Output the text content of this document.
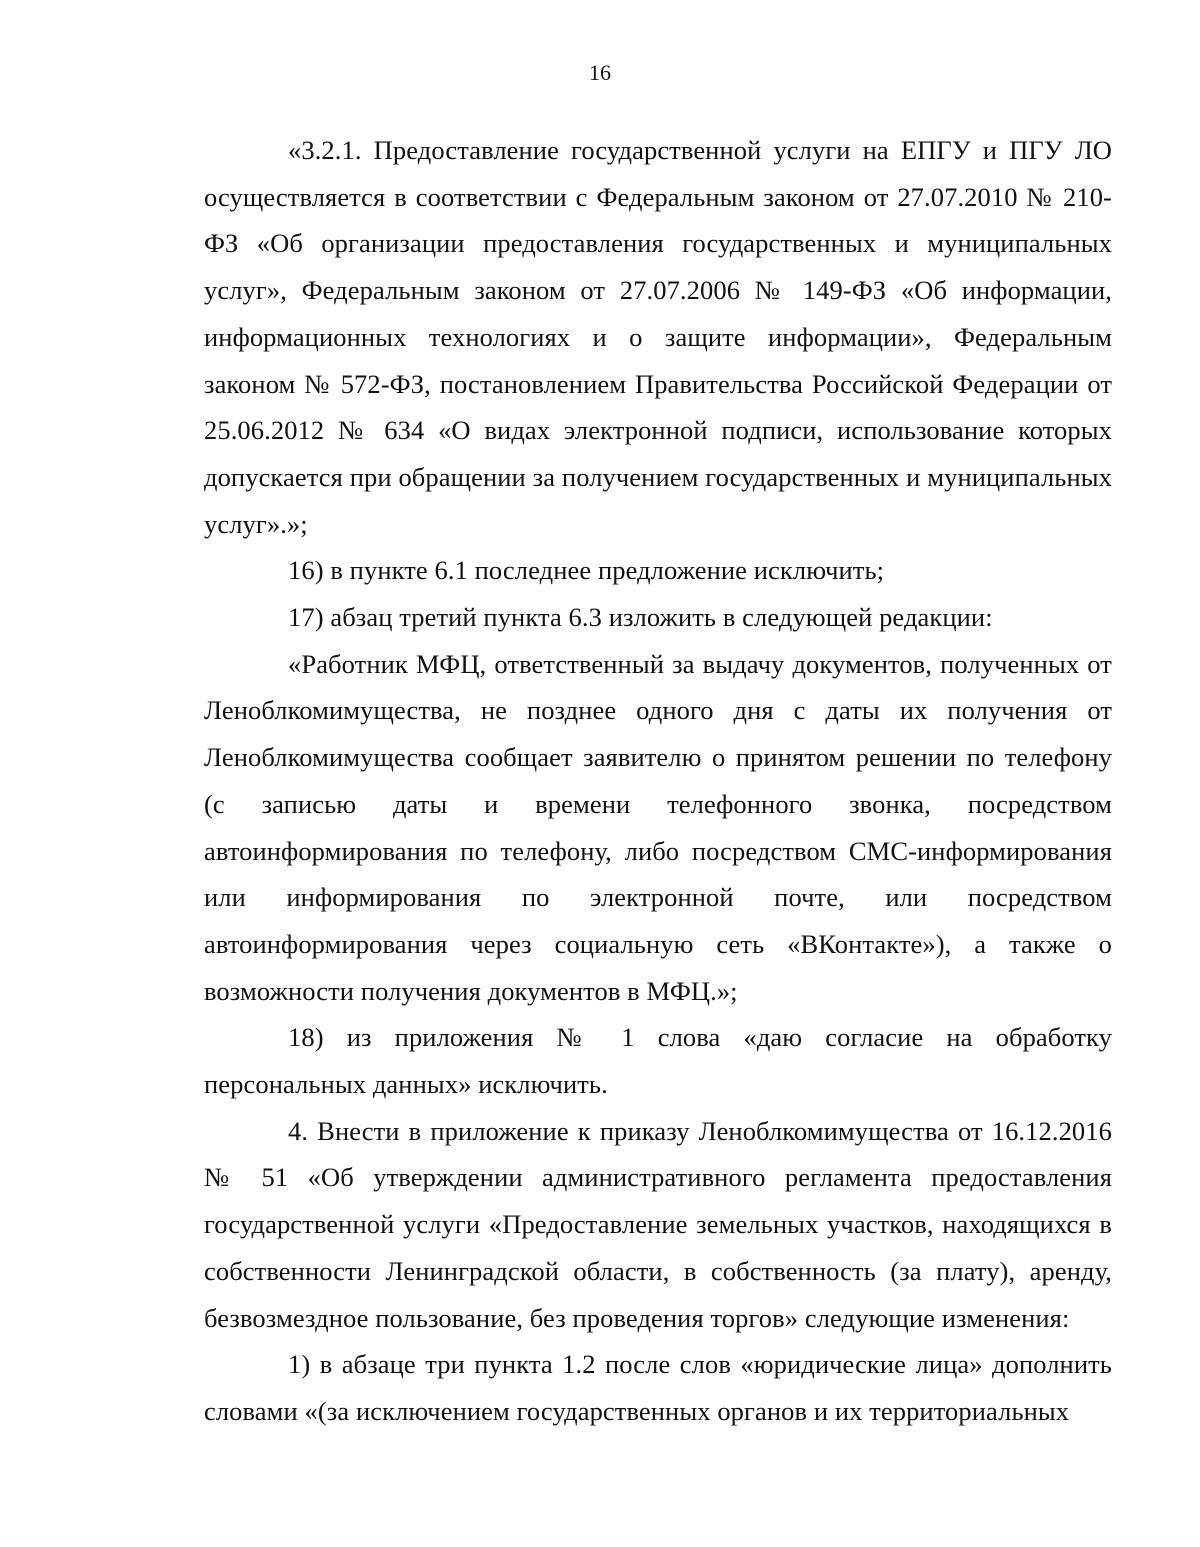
16

«3.2.1. Предоставление государственной услуги на ЕПГУ и ПГУ ЛО осуществляется в соответствии с Федеральным законом от 27.07.2010 № 210-ФЗ «Об организации предоставления государственных и муниципальных услуг», Федеральным законом от 27.07.2006 № 149-ФЗ «Об информации, информационных технологиях и о защите информации», Федеральным законом № 572-ФЗ, постановлением Правительства Российской Федерации от 25.06.2012 № 634 «О видах электронной подписи, использование которых допускается при обращении за получением государственных и муниципальных услуг».»;

16) в пункте 6.1 последнее предложение исключить;

17) абзац третий пункта 6.3 изложить в следующей редакции:

«Работник МФЦ, ответственный за выдачу документов, полученных от Леноблкомимущества, не позднее одного дня с даты их получения от Леноблкомимущества сообщает заявителю о принятом решении по телефону (с записью даты и времени телефонного звонка, посредством автоинформирования по телефону, либо посредством СМС-информирования или информирования по электронной почте, или посредством автоинформирования через социальную сеть «ВКонтакте»), а также о возможности получения документов в МФЦ.»;

18) из приложения № 1 слова «даю согласие на обработку персональных данных» исключить.

4. Внести в приложение к приказу Леноблкомимущества от 16.12.2016 № 51 «Об утверждении административного регламента предоставления государственной услуги «Предоставление земельных участков, находящихся в собственности Ленинградской области, в собственность (за плату), аренду, безвозмездное пользование, без проведения торгов» следующие изменения:

1) в абзаце три пункта 1.2 после слов «юридические лица» дополнить словами «(за исключением государственных органов и их территориальных
